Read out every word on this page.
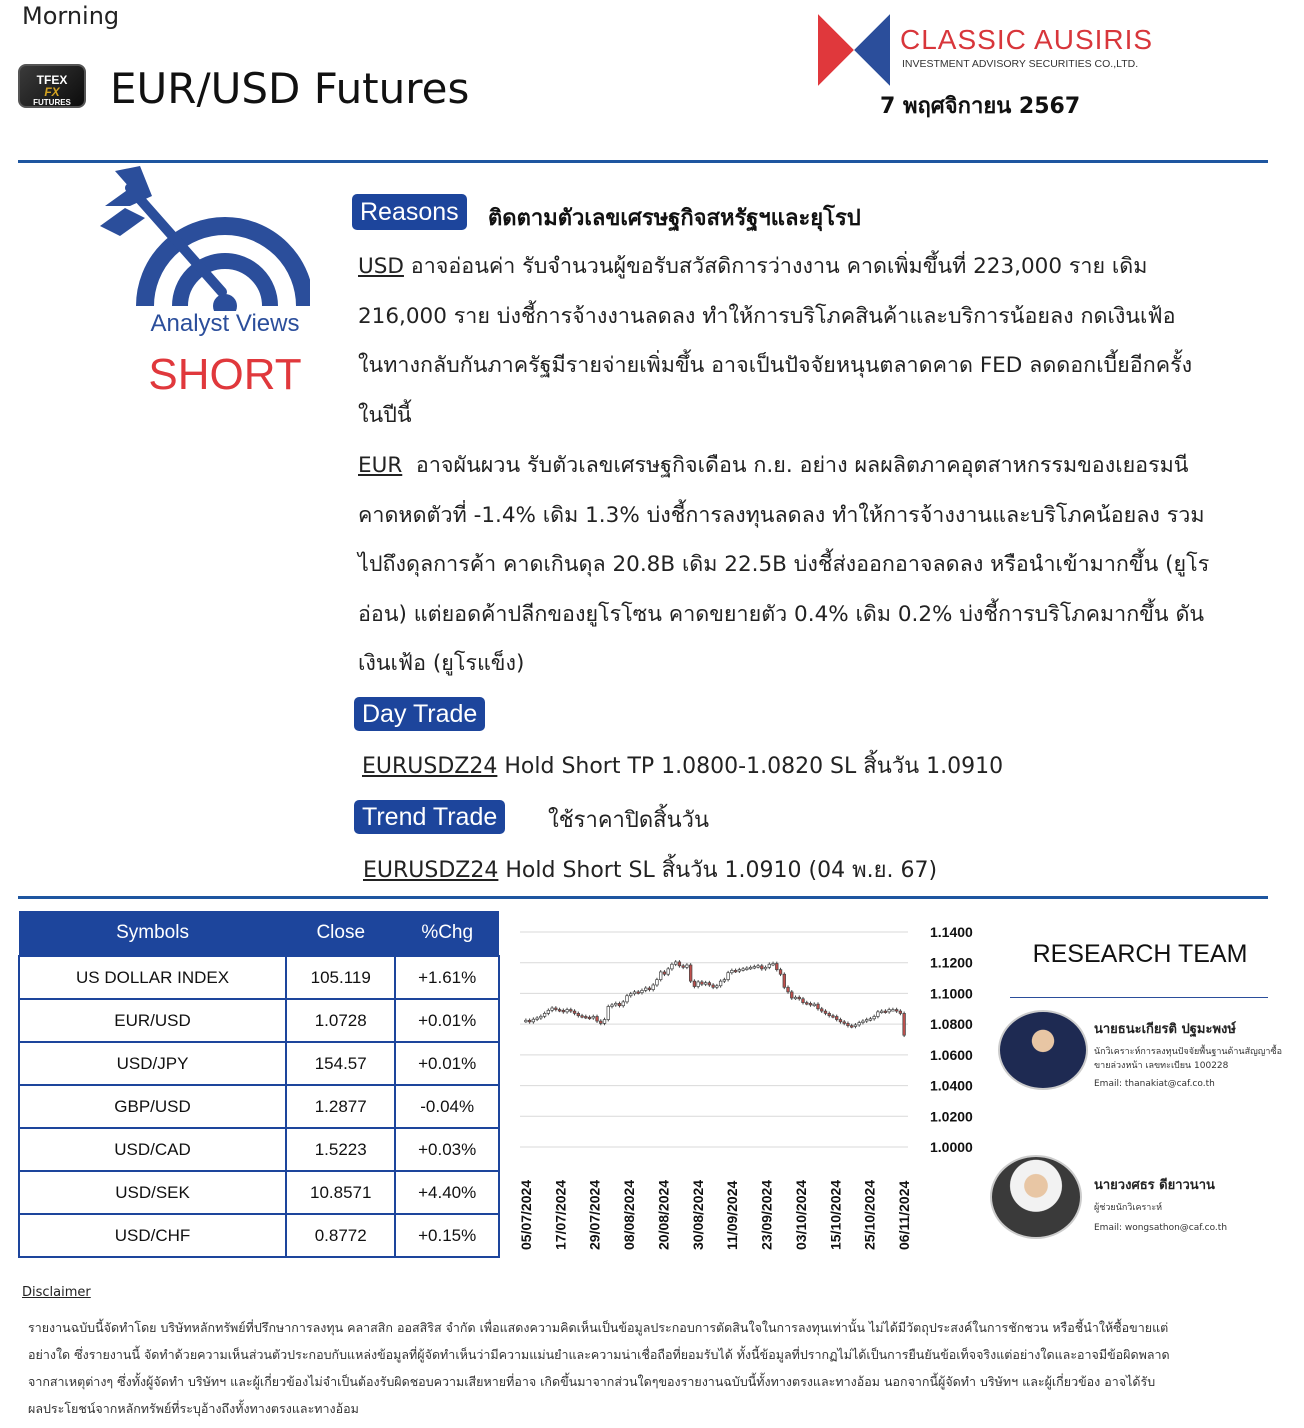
Morning
TFEX
FX
FUTURES EUR/USD Futures
CLASSIC AUSIRIS
INVESTMENT ADVISORY SECURITIES CO.,LTD.
7 พฤศจิกายน 2567
Analyst Views
SHORT
Reasons	ติดตามตัวเลขเศรษฐกิจสหรัฐฯและยุโรป
USD อาจอ่อนค่า รับจำนวนผู้ขอรับสวัสดิการว่างงาน คาดเพิ่มขึ้นที่ 223,000 ราย เดิม
216,000 ราย บ่งชี้การจ้างงานลดลง ทำให้การบริโภคสินค้าและบริการน้อยลง กดเงินเฟ้อ
ในทางกลับกันภาครัฐมีรายจ่ายเพิ่มขึ้น อาจเป็นปัจจัยหนุนตลาดคาด FED ลดดอกเบี้ยอีกครั้ง
ในปีนี้
EUR  อาจผันผวน รับตัวเลขเศรษฐกิจเดือน ก.ย. อย่าง ผลผลิตภาคอุตสาหกรรมของเยอรมนี
คาดหดตัวที่ -1.4% เดิม 1.3% บ่งชี้การลงทุนลดลง ทำให้การจ้างงานและบริโภคน้อยลง รวม
ไปถึงดุลการค้า คาดเกินดุล 20.8B เดิม 22.5B บ่งชี้ส่งออกอาจลดลง หรือนำเข้ามากขึ้น (ยูโร
อ่อน) แต่ยอดค้าปลีกของยูโรโซน คาดขยายตัว 0.4% เดิม 0.2% บ่งชี้การบริโภคมากขึ้น ดัน
เงินเฟ้อ (ยูโรแข็ง)
Day Trade
EURUSDZ24 Hold Short TP 1.0800-1.0820 SL สิ้นวัน 1.0910
Trend Trade	ใช้ราคาปิดสิ้นวัน
EURUSDZ24 Hold Short SL สิ้นวัน 1.0910 (04 พ.ย. 67)
Symbols	Close	%Chg
US DOLLAR INDEX	105.119	+1.61%
EUR/USD	1.0728	+0.01%
USD/JPY	154.57	+0.01%
GBP/USD	1.2877	-0.04%
USD/CAD	1.5223	+0.03%
USD/SEK	10.8571	+4.40%
USD/CHF	0.8772	+0.15%
1.1400
1.1200
1.1000
1.0800
1.0600
1.0400
1.0200
1.0000
05/07/2024 17/07/2024 29/07/2024 08/08/2024 20/08/2024 30/08/2024 11/09/2024 23/09/2024 03/10/2024 15/10/2024 25/10/2024 06/11/2024
RESEARCH TEAM
นายธนะเกียรติ ปฐมะพงษ์
นักวิเคราะห์การลงทุนปัจจัยพื้นฐานด้านสัญญาซื้อ
ขายล่วงหน้า เลขทะเบียน 100228
Email: thanakiat@caf.co.th
นายวงศธร ดียาวนาน
ผู้ช่วยนักวิเคราะห์
Email: wongsathon@caf.co.th
Disclaimer
รายงานฉบับนี้จัดทำโดย บริษัทหลักทรัพย์ที่ปรึกษาการลงทุน คลาสสิก ออสสิริส จำกัด เพื่อแสดงความคิดเห็นเป็นข้อมูลประกอบการตัดสินใจในการลงทุนเท่านั้น ไม่ได้มีวัตถุประสงค์ในการชักชวน หรือชี้นำให้ซื้อขายแต่
อย่างใด ซึ่งรายงานนี้ จัดทำด้วยความเห็นส่วนตัวประกอบกับแหล่งข้อมูลที่ผู้จัดทำเห็นว่ามีความแม่นยำและความน่าเชื่อถือที่ยอมรับได้ ทั้งนี้ข้อมูลที่ปรากฏไม่ได้เป็นการยืนยันข้อเท็จจริงแต่อย่างใดและอาจมีข้อผิดพลาด
จากสาเหตุต่างๆ ซึ่งทั้งผู้จัดทำ บริษัทฯ และผู้เกี่ยวข้องไม่จำเป็นต้องรับผิดชอบความเสียหายที่อาจ เกิดขึ้นมาจากส่วนใดๆของรายงานฉบับนี้ทั้งทางตรงและทางอ้อม นอกจากนี้ผู้จัดทำ บริษัทฯ และผู้เกี่ยวข้อง อาจได้รับ
ผลประโยชน์จากหลักทรัพย์ที่ระบุอ้างถึงทั้งทางตรงและทางอ้อม
